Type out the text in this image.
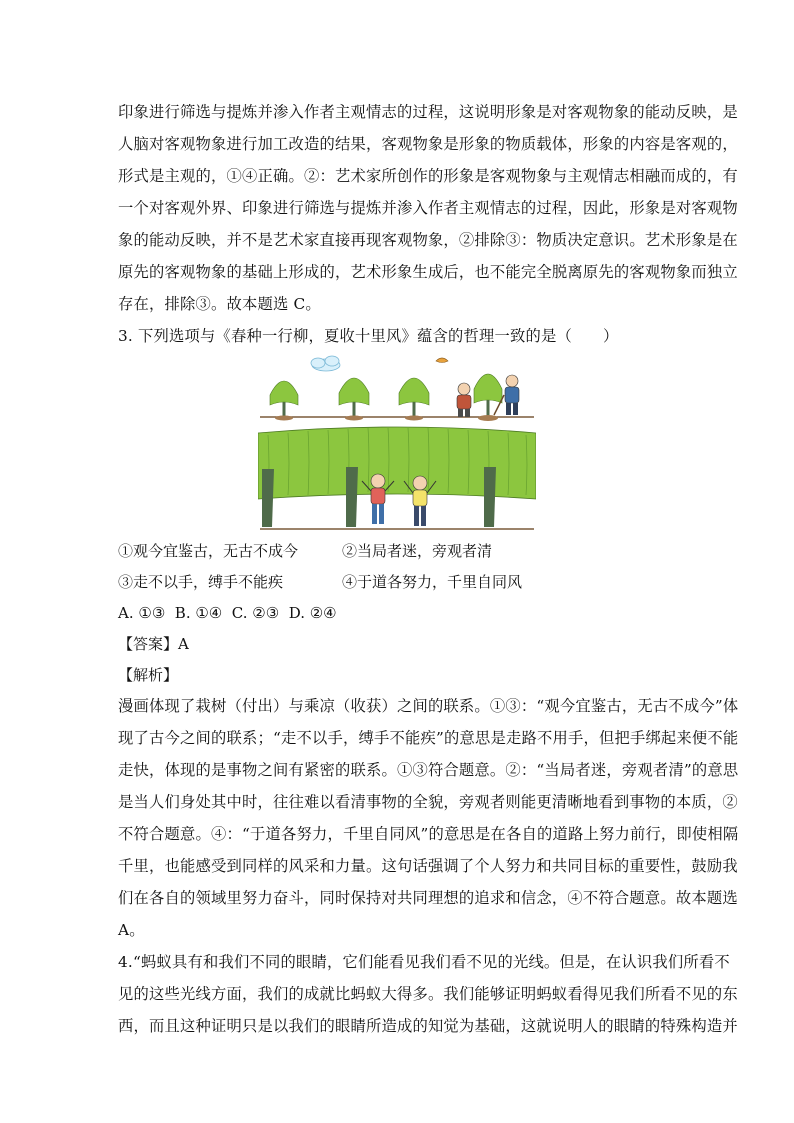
印象进行筛选与提炼并渗入作者主观情志的过程，这说明形象是对客观物象的能动反映，是
人脑对客观物象进行加工改造的结果，客观物象是形象的物质载体，形象的内容是客观的，
形式是主观的，①④正确。②：艺术家所创作的形象是客观物象与主观情志相融而成的，有
一个对客观外界、印象进行筛选与提炼并渗入作者主观情志的过程，因此，形象是对客观物
象的能动反映，并不是艺术家直接再现客观物象，②排除③：物质决定意识。艺术形象是在
原先的客观物象的基础上形成的，艺术形象生成后，也不能完全脱离原先的客观物象而独立
存在，排除③。故本题选 C。
3. 下列选项与《春种一行柳，夏收十里风》蕴含的哲理一致的是（　　）
①观今宜鉴古，无古不成今	②当局者迷，旁观者清
③走不以手，缚手不能疾	④于道各努力，千里自同风
A. ①③  B. ①④  C. ②③  D. ②④
【答案】A
【解析】
漫画体现了栽树（付出）与乘凉（收获）之间的联系。①③：“观今宜鉴古，无古不成今”体
现了古今之间的联系；“走不以手，缚手不能疾”的意思是走路不用手，但把手绑起来便不能
走快，体现的是事物之间有紧密的联系。①③符合题意。②：“当局者迷，旁观者清”的意思
是当人们身处其中时，往往难以看清事物的全貌，旁观者则能更清晰地看到事物的本质，②
不符合题意。④：“于道各努力，千里自同风”的意思是在各自的道路上努力前行，即使相隔
千里，也能感受到同样的风采和力量。这句话强调了个人努力和共同目标的重要性，鼓励我
们在各自的领域里努力奋斗，同时保持对共同理想的追求和信念，④不符合题意。故本题选
A。
4.“蚂蚁具有和我们不同的眼睛，它们能看见我们看不见的光线。但是，在认识我们所看不
见的这些光线方面，我们的成就比蚂蚁大得多。我们能够证明蚂蚁看得见我们所看不见的东
西，而且这种证明只是以我们的眼睛所造成的知觉为基础，这就说明人的眼睛的特殊构造并
